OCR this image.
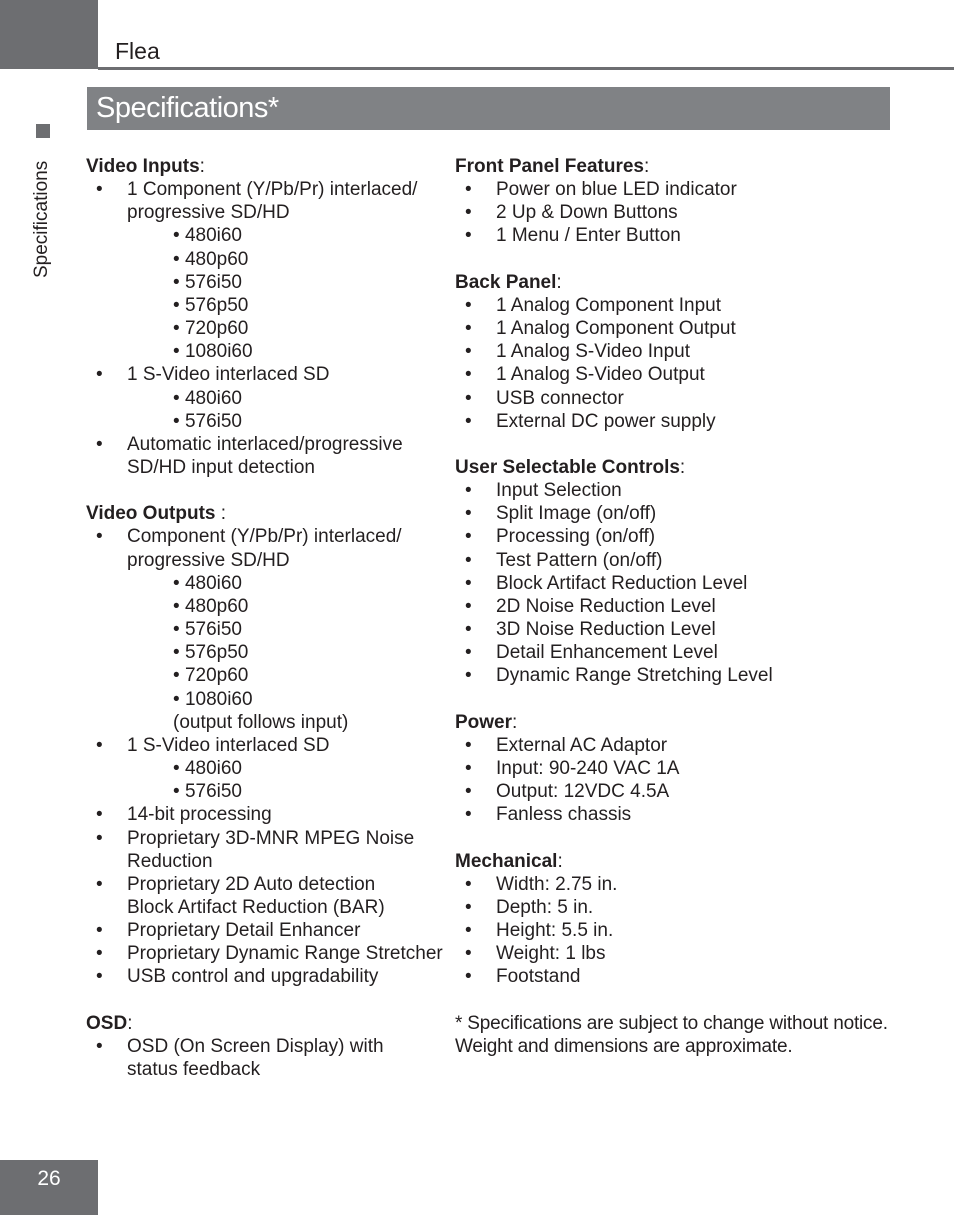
Flea
Specifications*
Specifications Video Inputs:
• 1 Component (Y/Pb/Pr) interlaced/
progressive SD/HD
• 480i60
• 480p60
• 576i50
• 576p50
• 720p60
• 1080i60
• 1 S-Video interlaced SD
• 480i60
• 576i50
• Automatic interlaced/progressive
SD/HD input detection
Video Outputs :
• Component (Y/Pb/Pr) interlaced/
progressive SD/HD
• 480i60
• 480p60
• 576i50
• 576p50
• 720p60
• 1080i60
(output follows input)
• 1 S-Video interlaced SD
• 480i60
• 576i50
• 14-bit processing
• Proprietary 3D-MNR MPEG Noise
Reduction
• Proprietary 2D Auto detection
Block Artifact Reduction (BAR)
• Proprietary Detail Enhancer
• Proprietary Dynamic Range Stretcher
• USB control and upgradability
OSD:
• OSD (On Screen Display) with
status feedback
Front Panel Features:
• Power on blue LED indicator
• 2 Up & Down Buttons
• 1 Menu / Enter Button
Back Panel:
• 1 Analog Component Input
• 1 Analog Component Output
• 1 Analog S-Video Input
• 1 Analog S-Video Output
• USB connector
• External DC power supply
User Selectable Controls:
• Input Selection
• Split Image (on/off)
• Processing (on/off)
• Test Pattern (on/off)
• Block Artifact Reduction Level
• 2D Noise Reduction Level
• 3D Noise Reduction Level
• Detail Enhancement Level
• Dynamic Range Stretching Level
Power:
• External AC Adaptor
• Input: 90-240 VAC 1A
• Output: 12VDC 4.5A
• Fanless chassis
Mechanical:
• Width: 2.75 in.
• Depth: 5 in.
• Height: 5.5 in.
• Weight: 1 lbs
• Footstand
* Specifications are subject to change without notice.
Weight and dimensions are approximate.
26
